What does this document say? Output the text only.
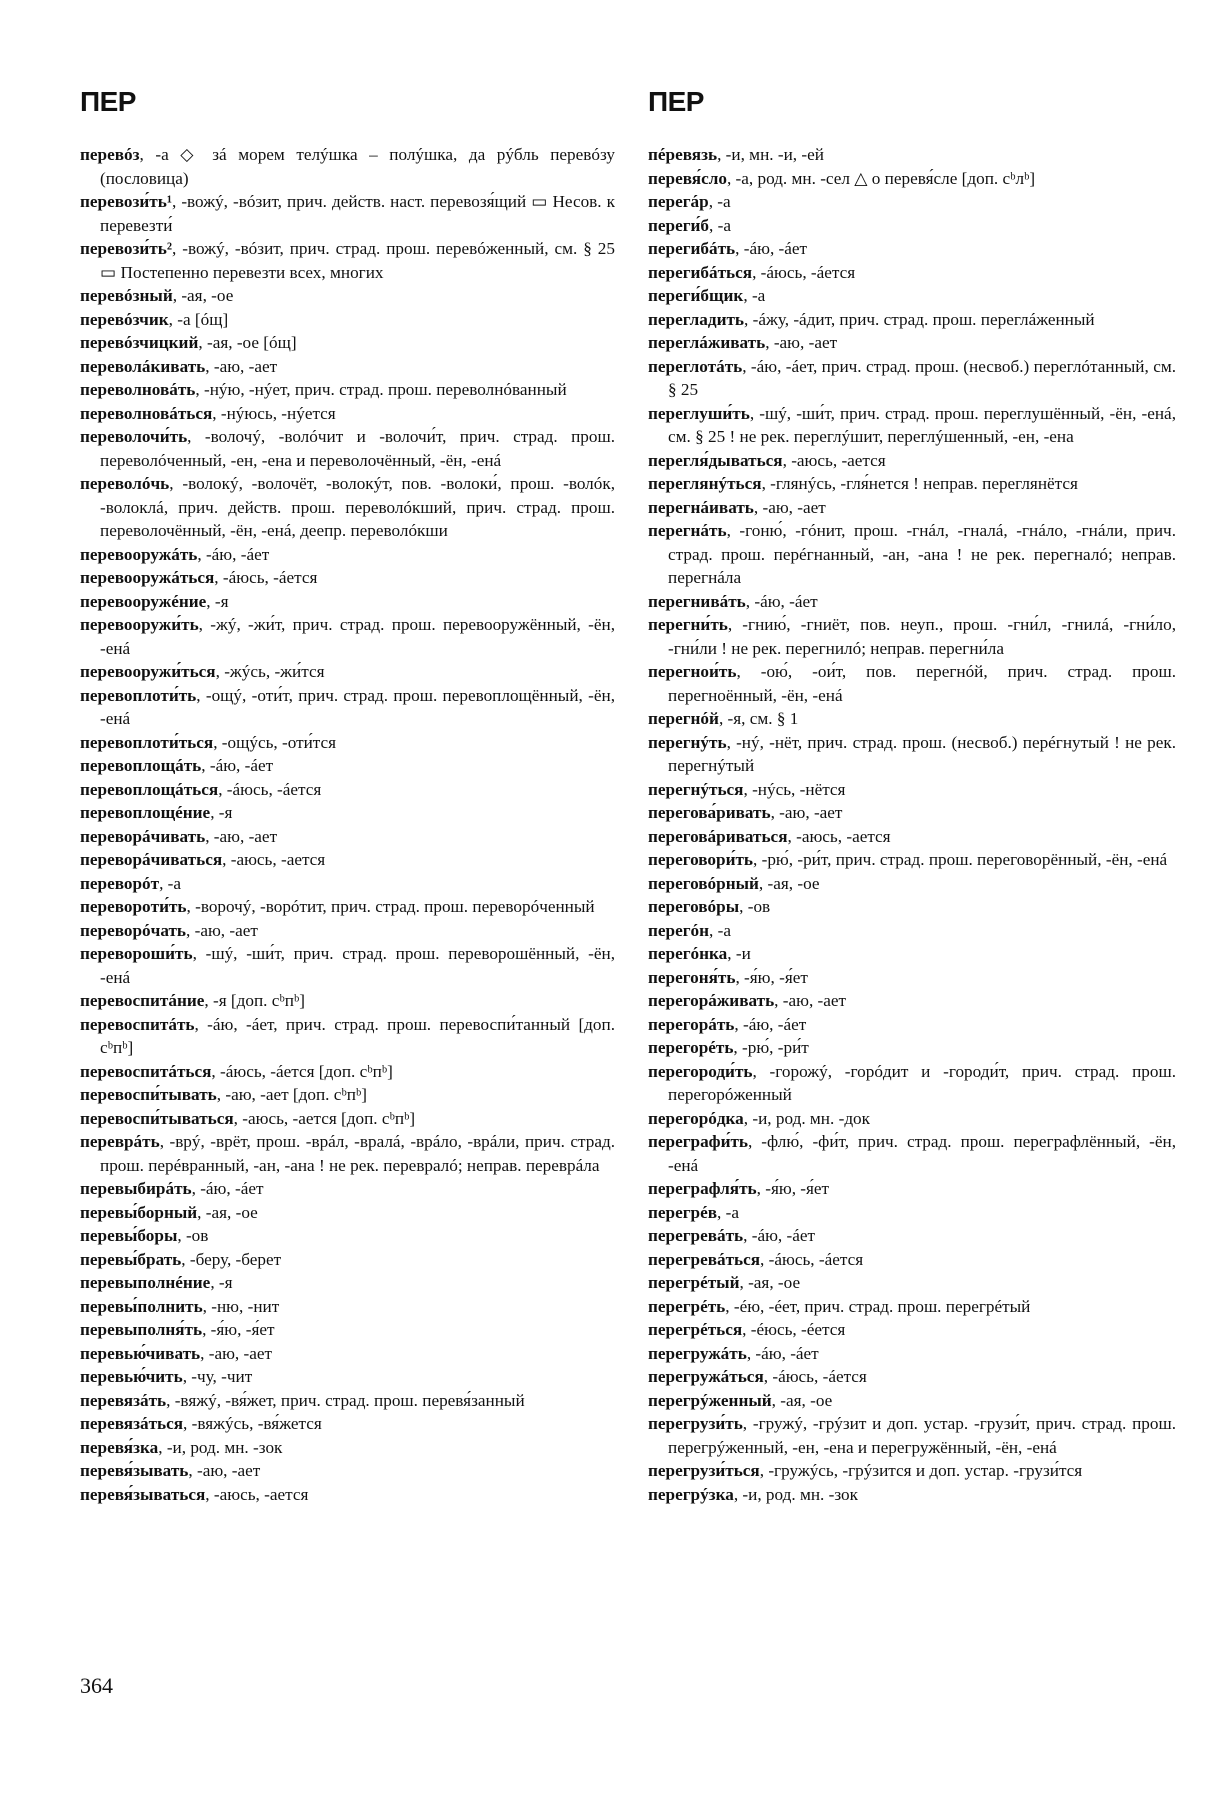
ПЕР	ПЕР
перевóз, -а ◇ зá морем телýшка – полýшка, да рýбль перевóзу (пословица)
перевози́ть¹, -вожý, -вóзит, прич. действ. наст. перевозя́щий ▭ Несов. к перевезти́
перевози́ть², -вожý, -вóзит, прич. страд. прош. перевóженный, см. § 25 ▭ Постепенно перевезти всех, многих
перевóзный, -ая, -ое
перевóзчик, -а [óщ]
перевóзчицкий, -ая, -ое [óщ]
переволáкивать, -аю, -ает
переволновáть, -нýю, -нýет, прич. страд. прош. переволнóванный
переволновáться, -нýюсь, -нýется
переволочи́ть, -волочý, -волóчит и -волочи́т, прич. страд. прош. переволóченный, -ен, -ена и переволочённый, -ён, -енá
переволóчь, -волокý, -волочёт, -волокýт, пов. -волоки́, прош. -волóк, -волоклá, прич. действ. прош. переволóкший, прич. страд. прош. переволочённый, -ён, -енá, деепр. переволóкши
перевооружáть, -áю, -áет
перевооружáться, -áюсь, -áется
перевооружéние, -я
перевооружи́ть, -жý, -жи́т, прич. страд. прош. перевооружённый, -ён, -енá
перевооружи́ться, -жýсь, -жи́тся
перевоплоти́ть, -ощý, -оти́т, прич. страд. прош. перевоплощённый, -ён, -енá
перевоплоти́ться, -ощýсь, -оти́тся
перевоплощáть, -áю, -áет
перевоплощáться, -áюсь, -áется
перевоплощéние, -я
переворáчивать, -аю, -ает
переворáчиваться, -аюсь, -ается
переворóт, -а
переворoти́ть, -ворочý, -ворóтит, прич. страд. прош. переворóченный
переворóчать, -аю, -ает
перевороши́ть, -шý, -ши́т, прич. страд. прош. переворошённый, -ён, -енá
перевоспитáние, -я [доп. сᵇпᵇ]
перевоспитáть, -áю, -áет, прич. страд. прош. перевоспи́танный [доп. сᵇпᵇ]
перевоспитáться, -áюсь, -áется [доп. сᵇпᵇ]
перевоспи́тывать, -аю, -ает [доп. сᵇпᵇ]
перевоспи́тываться, -аюсь, -ается [доп. сᵇпᵇ]
переврáть, -врý, -врёт, прош. -врáл, -вралá, -врáло, -врáли, прич. страд. прош. перéвранный, -ан, -ана ! не рек. переврaлó; неправ. переврáла
перевыбирáть, -áю, -áет
перевы́борный, -ая, -ое
перевы́боры, -ов
перевы́брать, -беру, -берет
перевыполнéние, -я
перевы́полнить, -ню, -нит
перевыполня́ть, -я́ю, -я́ет
перевью́чивать, -аю, -ает
перевью́чить, -чу, -чит
перевязáть, -вяжý, -вя́жет, прич. страд. прош. перевя́занный
перевязáться, -вяжýсь, -вя́жется
перевя́зка, -и, род. мн. -зок
перевя́зывать, -аю, -ает
перевя́зываться, -аюсь, -ается
пéревязь, -и, мн. -и, -ей
перевя́сло, -а, род. мн. -сел △ о перевя́сле [доп. сᵇлᵇ]
перегáр, -а
переги́б, -а
перегибáть, -áю, -áет
перегибáться, -áюсь, -áется
переги́бщик, -а
перегладить, -áжу, -áдит, прич. страд. прош. переглáженный
переглáживать, -аю, -ает
переглотáть, -áю, -áет, прич. страд. прош. (несвоб.) переглóтанный, см. § 25
переглуши́ть, -шý, -ши́т, прич. страд. прош. переглушённый, -ён, -енá, см. § 25 ! не рек. переглýшит, переглýшенный, -ен, -ена
перегля́дываться, -аюсь, -ается
переглянýться, -глянýсь, -гля́нется ! неправ. переглянётся
перегнáивать, -аю, -ает
перегнáть, -гоню́, -гóнит, прош. -гнáл, -гналá, -гнáло, -гнáли, прич. страд. прош. перéгнанный, -ан, -ана ! не рек. перегналó; неправ. перегнáла
перегнивáть, -áю, -áет
перегни́ть, -гнию́, -гниёт, пов. неуп., прош. -гни́л, -гнилá, -гни́ло, -гни́ли ! не рек. перегнилó; неправ. перегни́ла
перегнои́ть, -ою́, -ои́т, пов. перегнóй, прич. страд. прош. перегноённый, -ён, -енá
перегнóй, -я, см. § 1
перегнýть, -нý, -нёт, прич. страд. прош. (несвоб.) перéгнутый ! не рек. перегнýтый
перегнýться, -нýсь, -нётся
перегова́ривать, -аю, -ает
переговáриваться, -аюсь, -ается
переговори́ть, -рю́, -ри́т, прич. страд. прош. переговорённый, -ён, -енá
переговóрный, -ая, -ое
переговóры, -ов
перегóн, -а
перегóнка, -и
перегоня́ть, -я́ю, -я́ет
перегорáживать, -аю, -ает
перегорáть, -áю, -áет
перегорéть, -рю́, -ри́т
перегороди́ть, -горожý, -горóдит и -городи́т, прич. страд. прош. перегорóженный
перегорóдка, -и, род. мн. -док
перегрaфи́ть, -флю́, -фи́т, прич. страд. прош. перегрaфлённый, -ён, -енá
перегрaфля́ть, -я́ю, -я́ет
перегрéв, -а
перегревáть, -áю, -áет
перегревáться, -áюсь, -áется
перегрéтый, -ая, -ое
перегрéть, -éю, -éет, прич. страд. прош. перегрéтый
перегрéться, -éюсь, -éется
перегружáть, -áю, -áет
перегружáться, -áюсь, -áется
перегрýженный, -ая, -ое
перегрузи́ть, -гружý, -грýзит и доп. устар. -грузи́т, прич. страд. прош. перегрýженный, -ен, -ена и перегружённый, -ён, -енá
перегрузи́ться, -гружýсь, -грýзится и доп. устар. -грузи́тся
перегрýзка, -и, род. мн. -зок
364
